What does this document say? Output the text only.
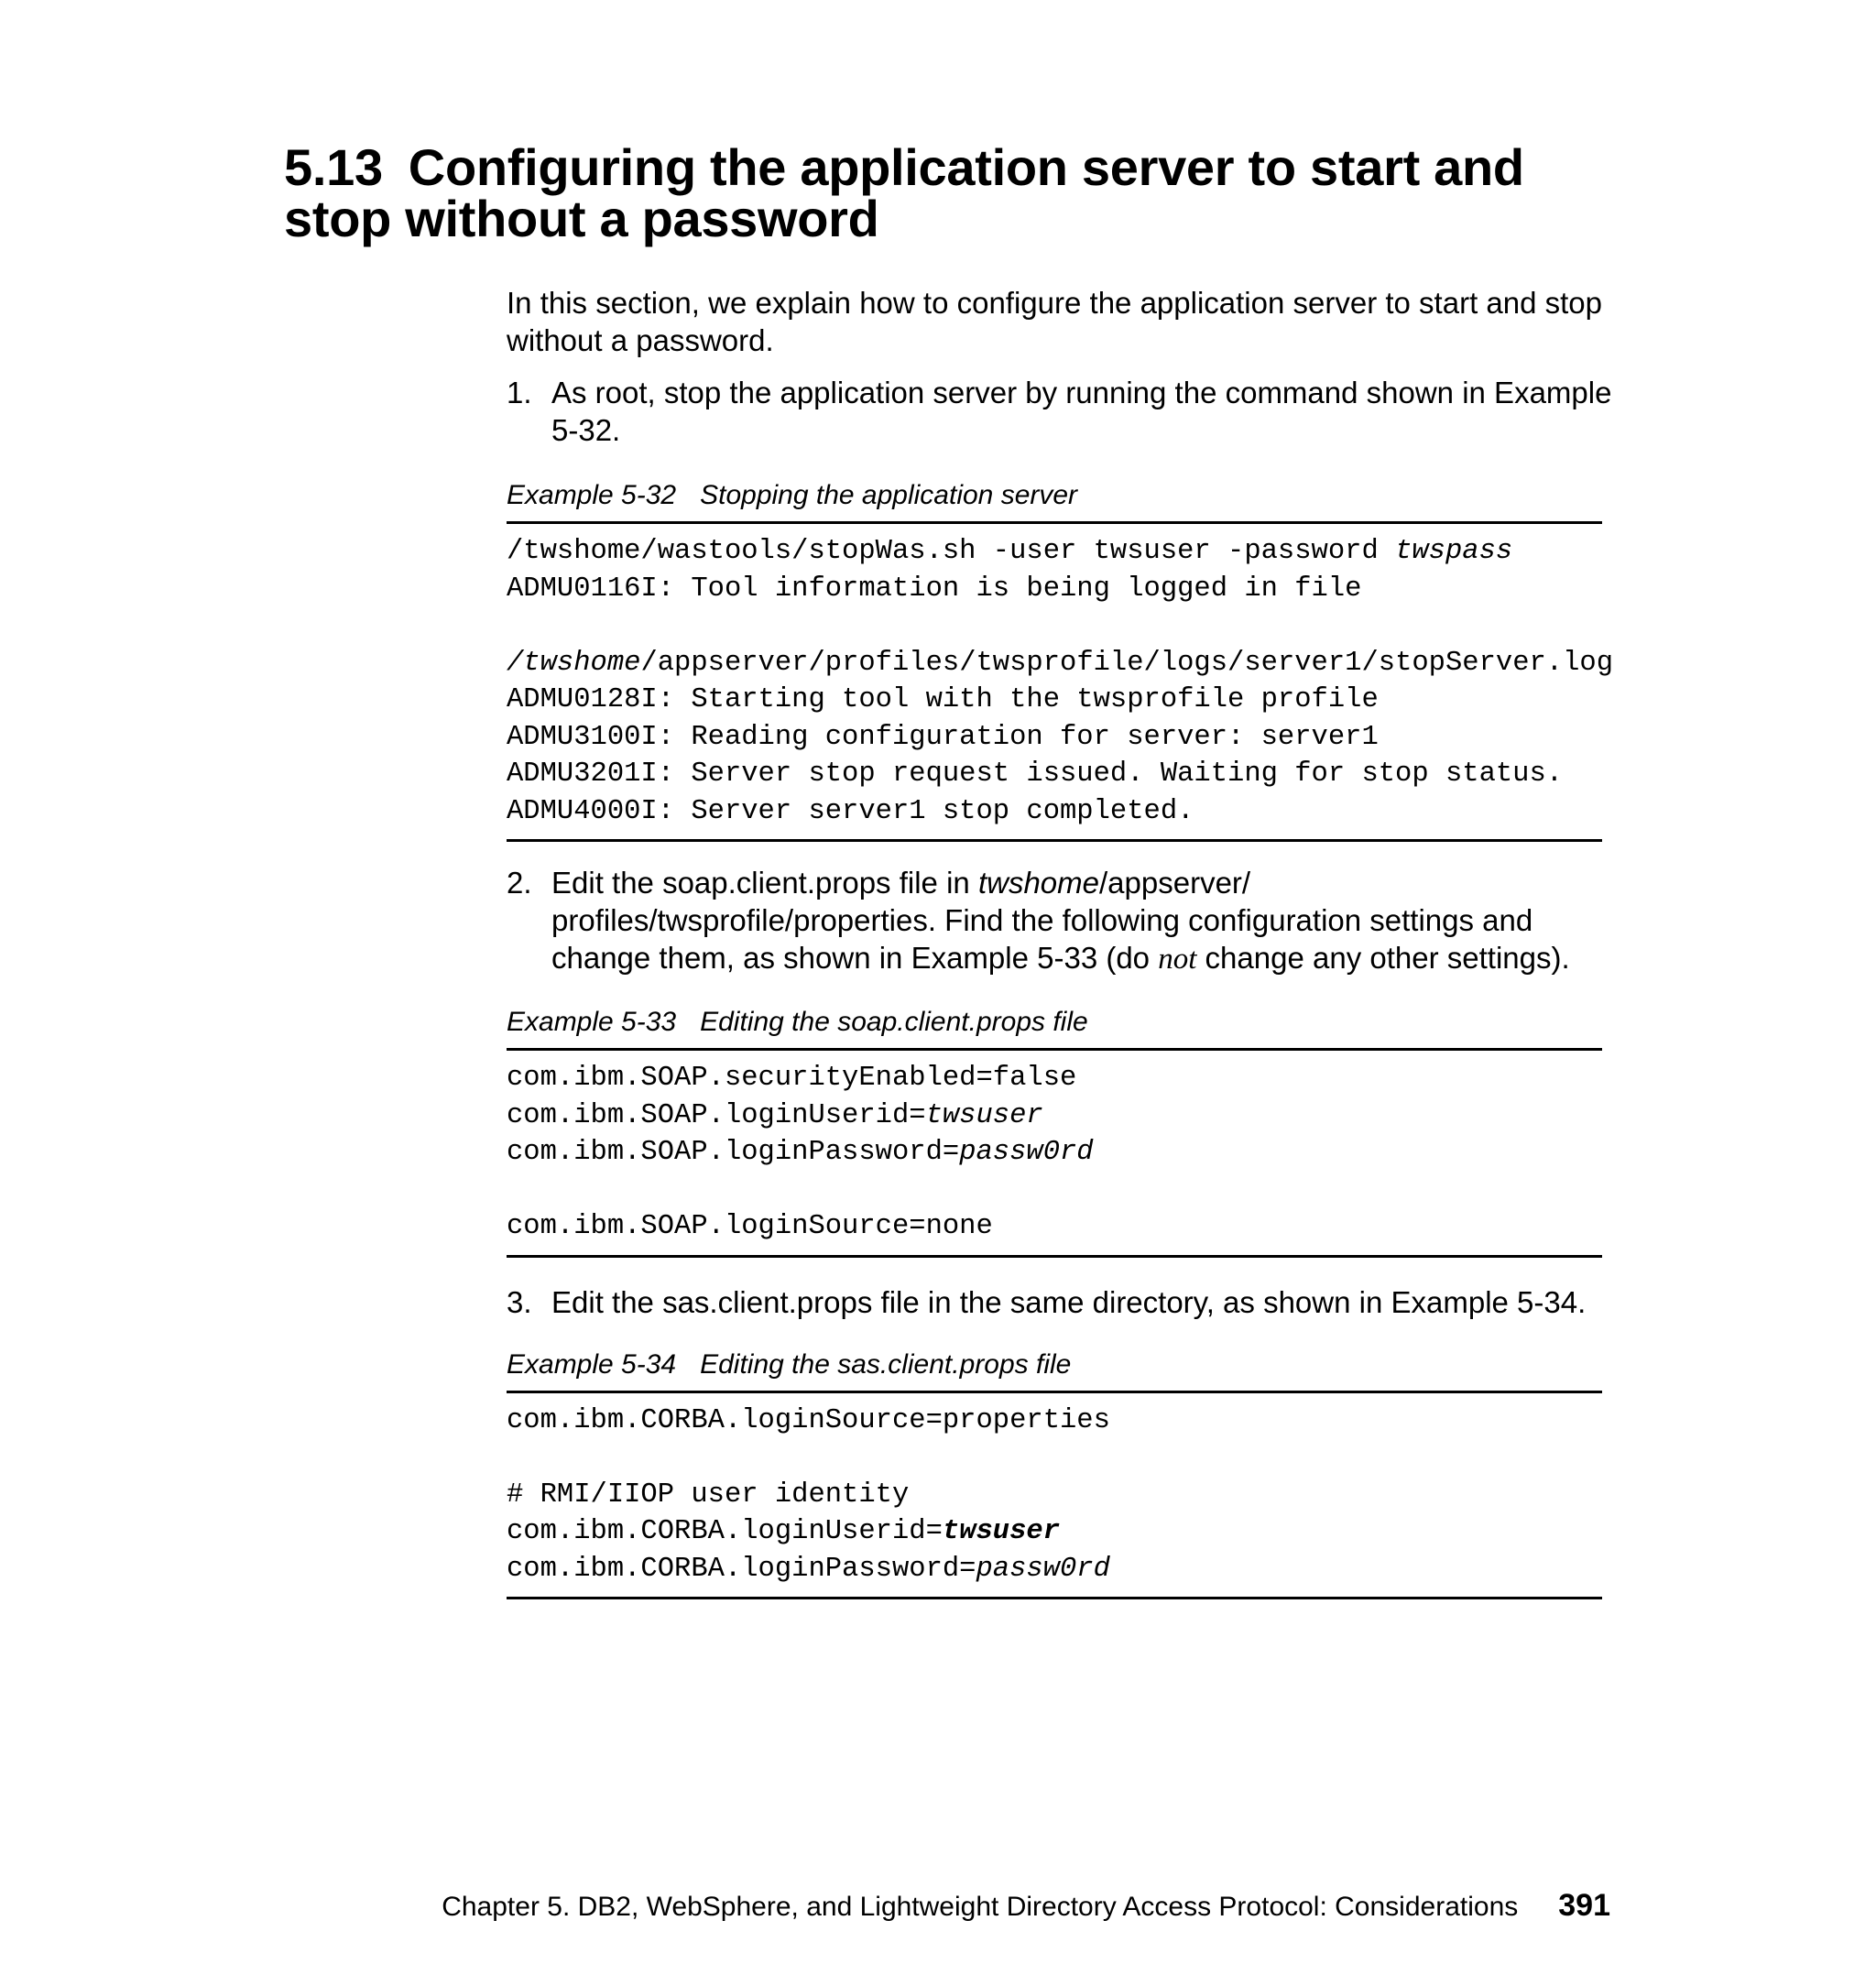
5.13 Configuring the application server to start and
stop without a password

In this section, we explain how to configure the application server to start and stop without a password.

1. As root, stop the application server by running the command shown in Example 5-32.

Example 5-32 Stopping the application server

/twshome/wastools/stopWas.sh -user twsuser -password twspass
ADMU0116I: Tool information is being logged in file
/twshome/appserver/profiles/twsprofile/logs/server1/stopServer.log
ADMU0128I: Starting tool with the twsprofile profile
ADMU3100I: Reading configuration for server: server1
ADMU3201I: Server stop request issued. Waiting for stop status.
ADMU4000I: Server server1 stop completed.
2. Edit the soap.client.props file in twshome/appserver/ profiles/twsprofile/properties. Find the following configuration settings and change them, as shown in Example 5-33 (do not change any other settings).

Example 5-33 Editing the soap.client.props file

com.ibm.SOAP.securityEnabled=false
com.ibm.SOAP.loginUserid=twsuser
com.ibm.SOAP.loginPassword=passw0rd
com.ibm.SOAP.loginSource=none
3. Edit the sas.client.props file in the same directory, as shown in Example 5-34.

Example 5-34 Editing the sas.client.props file

com.ibm.CORBA.loginSource=properties
# RMI/IIOP user identity
com.ibm.CORBA.loginUserid=twsuser
com.ibm.CORBA.loginPassword=passw0rd
Chapter 5. DB2, WebSphere, and Lightweight Directory Access Protocol: Considerations 391
